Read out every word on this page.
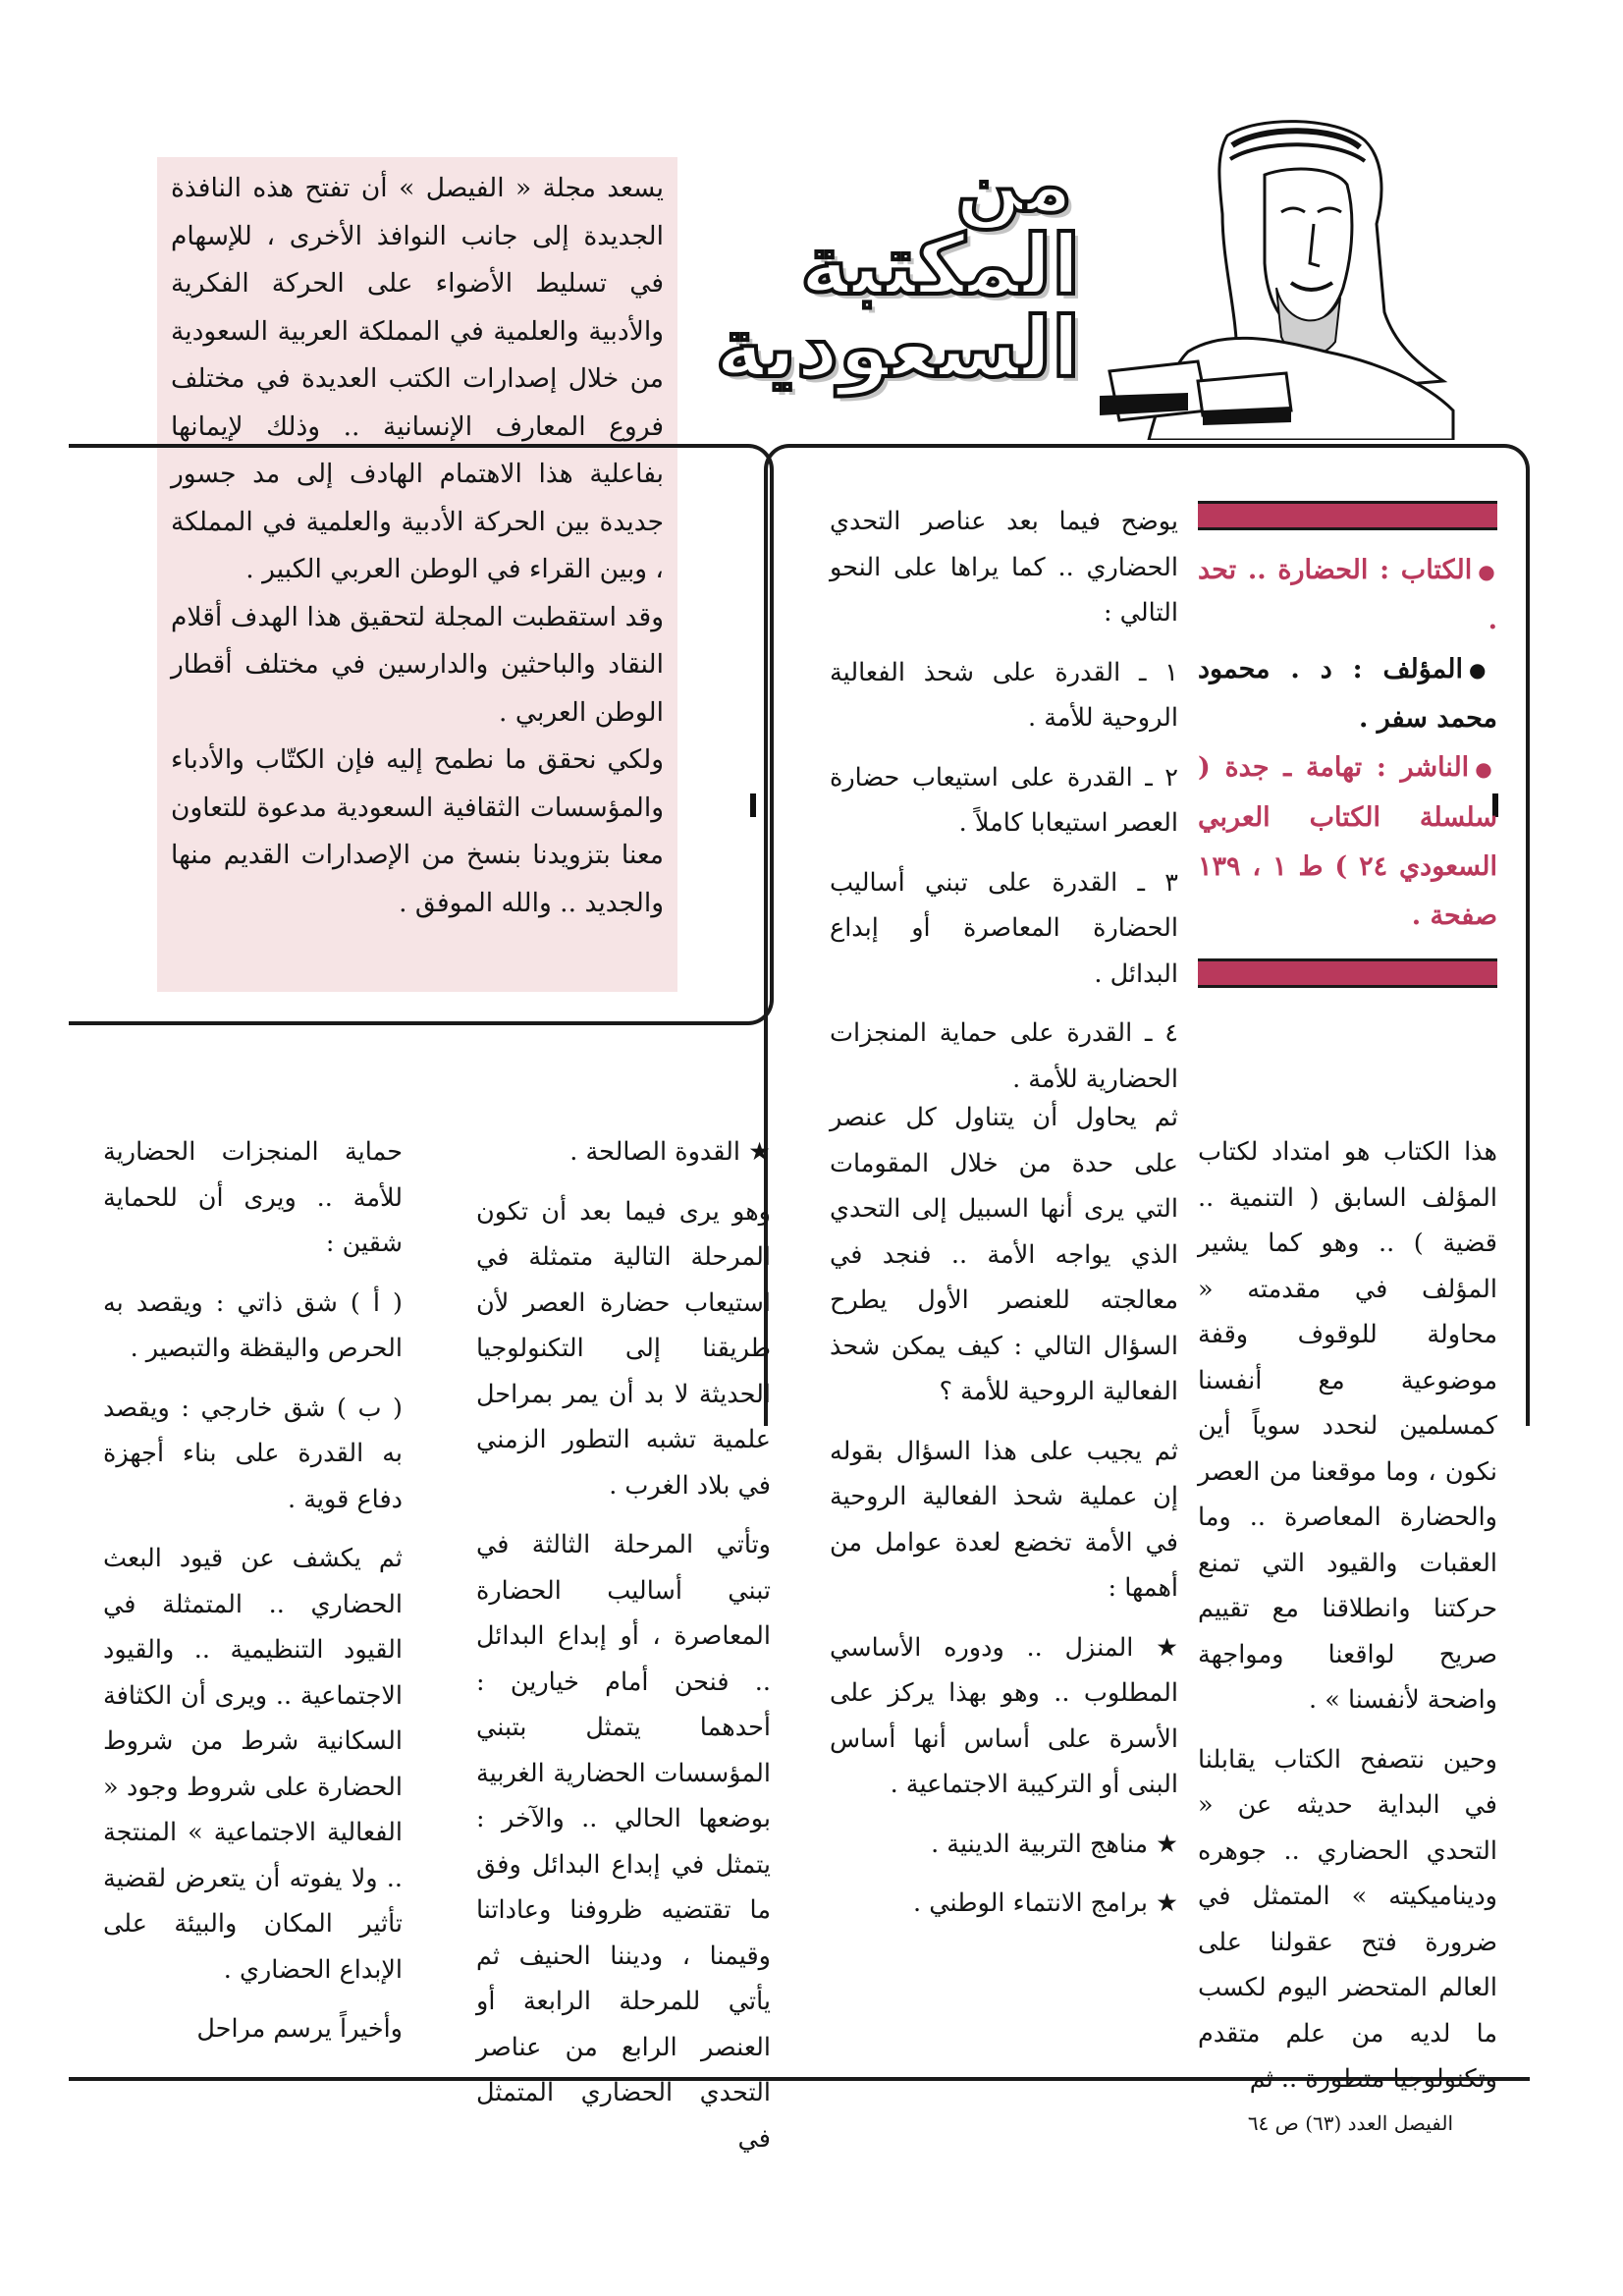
يسعد مجلة « الفيصل » أن تفتح هذه النافذة الجديدة إلى جانب النوافذ الأخرى ، للإسهام في تسليط الأضواء على الحركة الفكرية والأدبية والعلمية في المملكة العربية السعودية من خلال إصدارات الكتب العديدة في مختلف فروع المعارف الإنسانية .. وذلك لإيمانها بفاعلية هذا الاهتمام الهادف إلى مد جسور جديدة بين الحركة الأدبية والعلمية في المملكة ، وبين القراء في الوطن العربي الكبير .

وقد استقطبت المجلة لتحقيق هذا الهدف أقلام النقاد والباحثين والدارسين في مختلف أقطار الوطن العربي .

ولكي نحقق ما نطمح إليه فإن الكتّاب والأدباء والمؤسسات الثقافية السعودية مدعوة للتعاون معنا بتزويدنا بنسخ من الإصدارات القديم منها والجديد .. والله الموفق .

من
المكتبة
السعودية

●الكتاب : الحضارة .. تحد .

●المؤلف : د . محمود محمد سفر .

●الناشر : تهامة ـ جدة ( سلسلة الكتاب العربي السعودي ٢٤ ) ط ١ ، ١٣٩ صفحة .

يوضح فيما بعد عناصر التحدي الحضاري .. كما يراها على النحو التالي :

١ ـ القدرة على شحذ الفعالية الروحية للأمة .

٢ ـ القدرة على استيعاب حضارة العصر استيعابا كاملاً .

٣ ـ القدرة على تبني أساليب الحضارة المعاصرة أو إبداع البدائل .

٤ ـ القدرة على حماية المنجزات الحضارية للأمة .

هذا الكتاب هو امتداد لكتاب المؤلف السابق ( التنمية .. قضية ) .. وهو كما يشير المؤلف في مقدمته « محاولة للوقوف وقفة موضوعية مع أنفسنا كمسلمين لنحدد سوياً أين نكون ، وما موقعنا من العصر والحضارة المعاصرة .. وما العقبات والقيود التي تمنع حركتنا وانطلاقنا مع تقييم صريح لواقعنا ومواجهة واضحة لأنفسنا » .

وحين نتصفح الكتاب يقابلنا في البداية حديثه عن « التحدي الحضاري .. جوهره وديناميكيته » المتمثل في ضرورة فتح عقولنا على العالم المتحضر اليوم لكسب ما لديه من علم متقدم وتكنولوجيا متطورة .. ثم

ثم يحاول أن يتناول كل عنصر على حدة من خلال المقومات التي يرى أنها السبيل إلى التحدي الذي يواجه الأمة .. فنجد في معالجته للعنصر الأول يطرح السؤال التالي : كيف يمكن شحذ الفعالية الروحية للأمة ؟

ثم يجيب على هذا السؤال بقوله إن عملية شحذ الفعالية الروحية في الأمة تخضع لعدة عوامل من أهمها :

★ المنزل .. ودوره الأساسي المطلوب .. وهو بهذا يركز على الأسرة على أساس أنها أساس البنى أو التركيبة الاجتماعية .

★ مناهج التربية الدينية .

★ برامج الانتماء الوطني .

★ القدوة الصالحة .

وهو يرى فيما بعد أن تكون المرحلة التالية متمثلة في استيعاب حضارة العصر لأن طريقنا إلى التكنولوجيا الحديثة لا بد أن يمر بمراحل علمية تشبه التطور الزمني في بلاد الغرب .

وتأتي المرحلة الثالثة في تبني أساليب الحضارة المعاصرة ، أو إبداع البدائل .. فنحن أمام خيارين : أحدهما يتمثل بتبني المؤسسات الحضارية الغربية بوضعها الحالي .. والآخر : يتمثل في إبداع البدائل وفق ما تقتضيه ظروفنا وعاداتنا وقيمنا ، وديننا الحنيف ثم يأتي للمرحلة الرابعة أو العنصر الرابع من عناصر التحدي الحضاري المتمثل في

حماية المنجزات الحضارية للأمة .. ويرى أن للحماية شقين :

( أ ) شق ذاتي : ويقصد به الحرص واليقظة والتبصير .

( ب ) شق خارجي : ويقصد به القدرة على بناء أجهزة دفاع قوية .

ثم يكشف عن قيود البعث الحضاري .. المتمثلة في القيود التنظيمية .. والقيود الاجتماعية .. ويرى أن الكثافة السكانية شرط من شروط الحضارة على شروط وجود « الفعالية الاجتماعية » المنتجة .. ولا يفوته أن يتعرض لقضية تأثير المكان والبيئة على الإبداع الحضاري .

وأخيراً يرسم مراحل

الفيصل العدد (٦٣) ص ٦٤
